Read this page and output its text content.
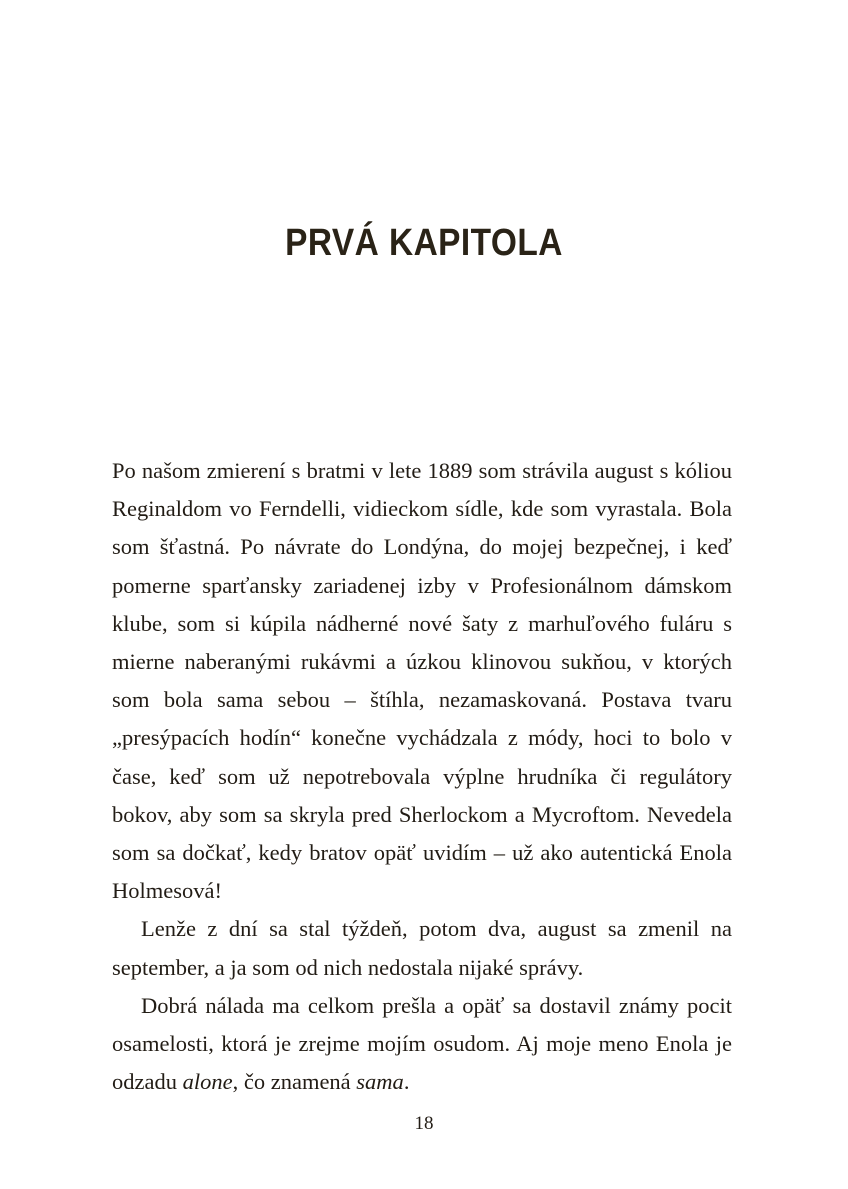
PRVÁ KAPITOLA

Po našom zmierení s bratmi v lete 1889 som strávila august s kóliou Reginaldom vo Ferndelli, vidieckom sídle, kde som vyrastala. Bola som šťastná. Po návrate do Londýna, do mojej bezpečnej, i keď pomerne sparťansky zariadenej izby v Profesionálnom dámskom klube, som si kúpila nádherné nové šaty z marhuľového fuláru s mierne naberanými rukávmi a úzkou klinovou sukňou, v ktorých som bola sama sebou – štíhla, nezamaskovaná. Postava tvaru „presýpacích hodín“ konečne vychádzala z módy, hoci to bolo v čase, keď som už nepotrebovala výplne hrudníka či regulátory bokov, aby som sa skryla pred Sherlockom a Mycroftom. Nevedela som sa dočkať, kedy bratov opäť uvidím – už ako autentická Enola Holmesová!

Lenže z dní sa stal týždeň, potom dva, august sa zmenil na september, a ja som od nich nedostala nijaké správy.

Dobrá nálada ma celkom prešla a opäť sa dostavil známy pocit osamelosti, ktorá je zrejme mojím osudom. Aj moje meno Enola je odzadu alone, čo znamená sama.

18
